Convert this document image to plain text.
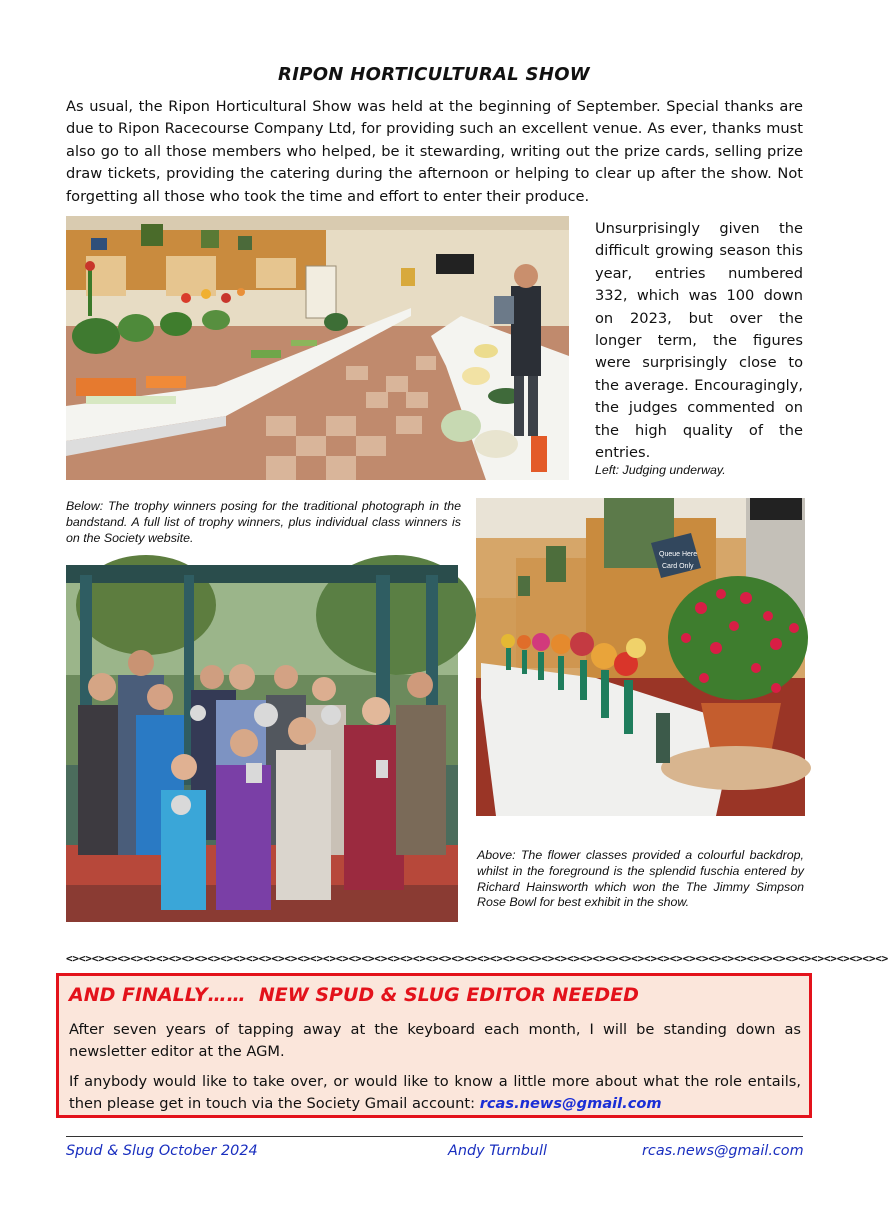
RIPON HORTICULTURAL SHOW
As usual, the Ripon Horticultural Show was held at the beginning of September. Special thanks are due to Ripon Racecourse Company Ltd, for providing such an excellent venue. As ever, thanks must also go to all those members who helped, be it stewarding, writing out the prize cards, selling prize draw tickets, providing the catering during the afternoon or helping to clear up after the show. Not forgetting all those who took the time and effort to enter their produce.
Unsurprisingly given the difficult growing season this year, entries numbered 332, which was 100 down on 2023, but over the longer term, the figures were surprisingly close to the average. Encouragingly, the judges commented on the high quality of the entries.
Left: Judging underway.
Below: The trophy winners posing for the traditional photograph in the bandstand. A full list of trophy winners, plus individual class winners is on the Society website.
Queue Here
Card Only
Above: The flower classes provided a colourful backdrop, whilst in the foreground is the splendid fuschia entered by Richard Hainsworth which won the The Jimmy Simpson Rose Bowl for best exhibit in the show.
<><><><><><><><><><><><><><><><><><><><><><><><><><><><><><><><><><><><><><><><><><><><><><><><><><><><><><><><><><><><><><><><>
AND FINALLY……  NEW SPUD & SLUG EDITOR NEEDED
After seven years of tapping away at the keyboard each month, I will be standing down as newsletter editor at the AGM.
If anybody would like to take over, or would like to know a little more about what the role entails, then please get in touch via the Society Gmail account: rcas.news@gmail.com
Spud & Slug October 2024	Andy Turnbull	rcas.news@gmail.com
